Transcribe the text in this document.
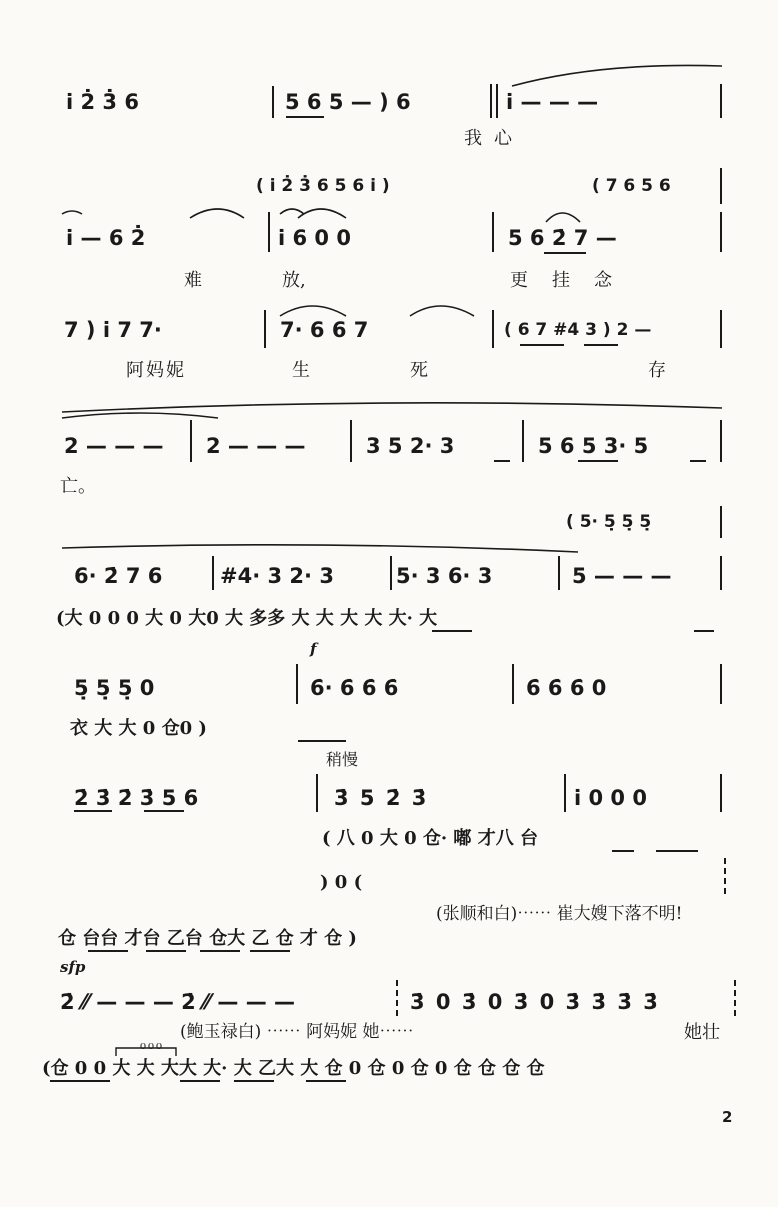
i̇ 2̇ 3̇ 6	5 6 5 — ) 6	i̇ — — —
我心
( i̇ 2̇ 3̇ 6 5 6 i̇ )	( 7 6 5 6
i̇ — 6 2̇	i̇ 6 0 0	5 6 2̇ 7 —
难	放,	更挂念
7 ) i̇ 7 7·	7· 6 6 7	( 6 7 #4 3 ) 2 —
阿妈妮	生	死	存
2 — — — 2 — — —	3 5 2· 3	5 6 5 3· 5
亡。
( 5· 5̣ 5̣ 5̣
6· 2̇ 7 6	#4· 3 2· 3	5· 3 6· 3	5 — — —
(大 0 0 0 大 0 大0 大 多多 大 大 大 大 大· 大
f
5̣ 5̣ 5̣ 0	6̇· 6̇ 6̇ 6̇	6̇ 6̇ 6̇ 0
衣 大 大 0 仓0 )
稍慢
2̇ 3̇ 2̇ 3̇ 5 6	3̇ 5 2̇ 3̇	i̇ 0 0 0
( 八 0 大 0 仓· 嘟 才八 台
) 0 (
(张顺和白)⋯⋯ 崔大嫂下落不明!
仓 台台 才台 乙台 仓大 乙 仓 才 仓 )
sfp
2̇ ⁄⁄ — — — 2̇ ⁄⁄ — — —	3̇ 0 3̇ 0 3̇ 0 3̇ 3̇ 3̇ 3̇
(鲍玉禄白) ⋯⋯ 阿妈妮 她⋯⋯	她壮
⁰⁰⁰
(仓 0 0 大 大 大大 大· 大 乙大 大 仓 0 仓 0 仓 0 仓 仓 仓 仓
2
